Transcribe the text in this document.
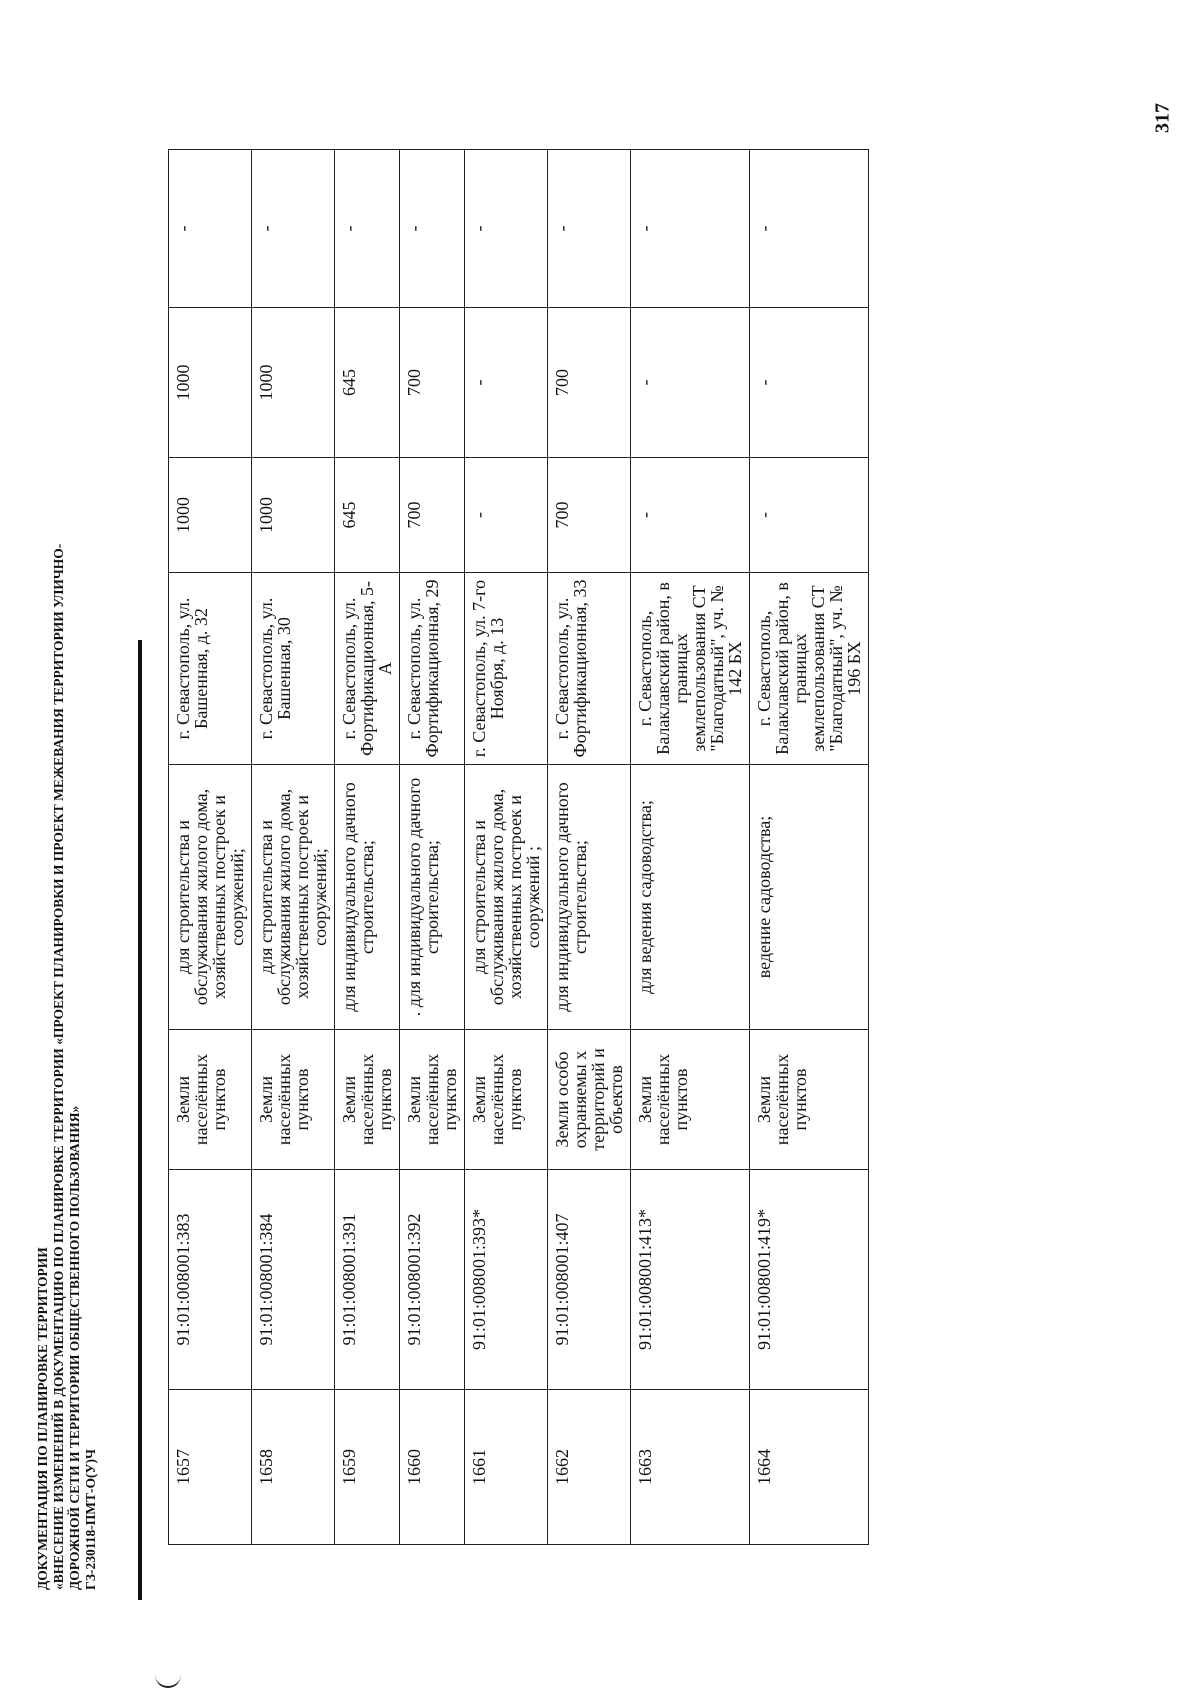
317
ДОКУМЕНТАЦИЯ ПО ПЛАНИРОВКЕ ТЕРРИТОРИИ «ВНЕСЕНИЕ ИЗМЕНЕНИЙ В ДОКУМЕНТАЦИЮ ПО ПЛАНИРОВКЕ ТЕРРИТОРИИ «ПРОЕКТ ПЛАНИРОВКИ И ПРОЕКТ МЕЖЕВАНИЯ ТЕРРИТОРИИ УЛИЧНО- ДОРОЖНОЙ СЕТИ И ТЕРРИТОРИИ ОБЩЕСТВЕННОГО ПОЛЬЗОВАНИЯ» ГЗ-230118-ПМТ-О(У)Ч	1657	91:01:008001:383	Земли населённых пунктов	для строительства и обслуживания жилого дома, хозяйственных построек и сооружений;	г. Севастополь, ул. Башенная, д. 32	1000	1000	-
1658	91:01:008001:384	Земли населённых пунктов	для строительства и обслуживания жилого дома, хозяйственных построек и сооружений;	г. Севастополь, ул. Башенная, 30	1000	1000	-
1659	91:01:008001:391	Земли населённых пунктов	для индивидуального дачного строительства;	г. Севастополь, ул. Фортификационная, 5-А	645	645	-
1660	91:01:008001:392	Земли населённых пунктов	. для индивидуального дачного строительства;	г. Севастополь, ул. Фортификационная, 29	700	700	-
1661	91:01:008001:393*	Земли населённых пунктов	для строительства и обслуживания жилого дома, хозяйственных построек и сооружений ;	г. Севастополь, ул. 7-го Ноября, д. 13	-	-	-
1662	91:01:008001:407	Земли особо охраняемы х территорий и объектов	для индивидуального дачного строительства;	г. Севастополь, ул. Фортификационная, 33	700	700	-
1663	91:01:008001:413*	Земли населённых пунктов	для ведения садоводства;	г. Севастополь, Балаклавский район, в границах землепользования СТ "Благодатный", уч. № 142 БХ	-	-	-
1664	91:01:008001:419*	Земли населённых пунктов	ведение садоводства;	г. Севастополь, Балаклавский район, в границах землепользования СТ "Благодатный", уч. № 196 БХ	-	-	-
